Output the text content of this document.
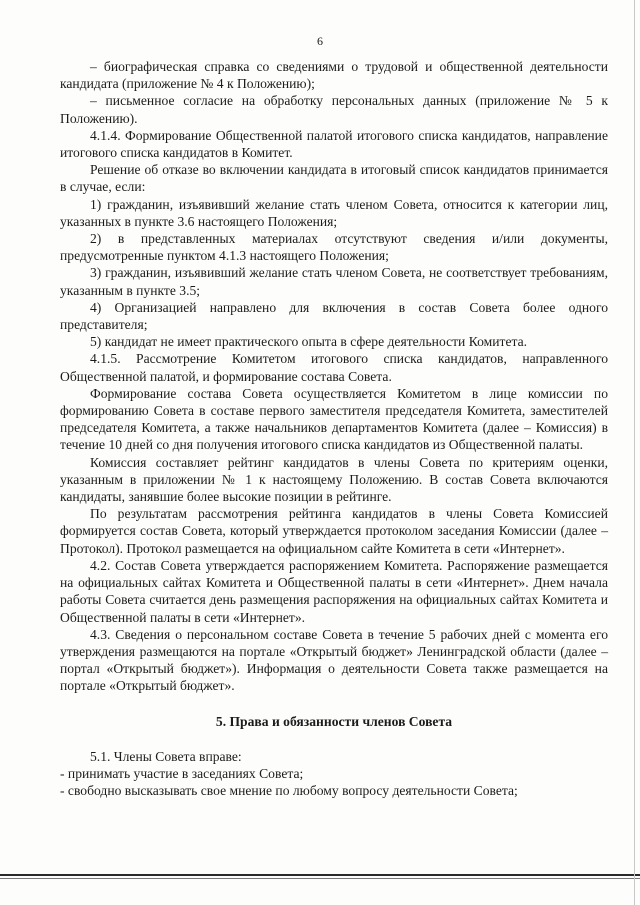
6

– биографическая справка со сведениями о трудовой и общественной деятельности кандидата (приложение № 4 к Положению);

– письменное согласие на обработку персональных данных (приложение № 5 к Положению).

4.1.4. Формирование Общественной палатой итогового списка кандидатов, направление итогового списка кандидатов в Комитет.

Решение об отказе во включении кандидата в итоговый список кандидатов принимается в случае, если:

1) гражданин, изъявивший желание стать членом Совета, относится к категории лиц, указанных в пункте 3.6 настоящего Положения;

2) в представленных материалах отсутствуют сведения и/или документы, предусмотренные пунктом 4.1.3 настоящего Положения;

3) гражданин, изъявивший желание стать членом Совета, не соответствует требованиям, указанным в пункте 3.5;

4) Организацией направлено для включения в состав Совета более одного представителя;

5) кандидат не имеет практического опыта в сфере деятельности Комитета.

4.1.5. Рассмотрение Комитетом итогового списка кандидатов, направленного Общественной палатой, и формирование состава Совета.

Формирование состава Совета осуществляется Комитетом в лице комиссии по формированию Совета в составе первого заместителя председателя Комитета, заместителей председателя Комитета, а также начальников департаментов Комитета (далее – Комиссия) в течение 10 дней со дня получения итогового списка кандидатов из Общественной палаты.

Комиссия составляет рейтинг кандидатов в члены Совета по критериям оценки, указанным в приложении № 1 к настоящему Положению. В состав Совета включаются кандидаты, занявшие более высокие позиции в рейтинге.

По результатам рассмотрения рейтинга кандидатов в члены Совета Комиссией формируется состав Совета, который утверждается протоколом заседания Комиссии (далее – Протокол). Протокол размещается на официальном сайте Комитета в сети «Интернет».

4.2. Состав Совета утверждается распоряжением Комитета. Распоряжение размещается на официальных сайтах Комитета и Общественной палаты в сети «Интернет». Днем начала работы Совета считается день размещения распоряжения на официальных сайтах Комитета и Общественной палаты в сети «Интернет».

4.3. Сведения о персональном составе Совета в течение 5 рабочих дней с момента его утверждения размещаются на портале «Открытый бюджет» Ленинградской области (далее – портал «Открытый бюджет»). Информация о деятельности Совета также размещается на портале «Открытый бюджет».

5. Права и обязанности членов Совета

5.1. Члены Совета вправе:

- принимать участие в заседаниях Совета;

- свободно высказывать свое мнение по любому вопросу деятельности Совета;
